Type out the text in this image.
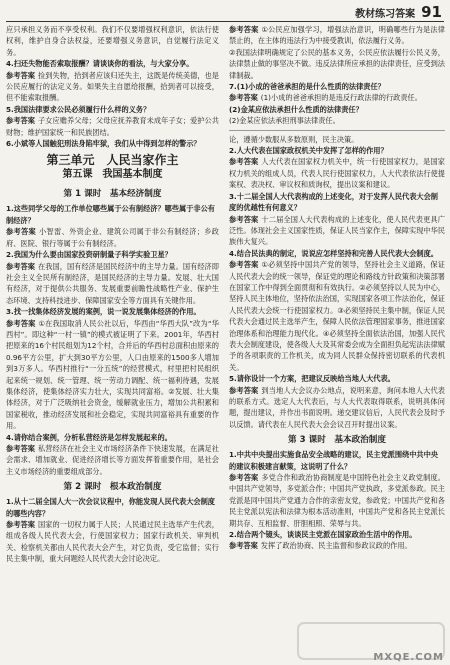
教材练习答案 91

应只承担义务而不享受权利。我们不仅要增强权利意识，依法行使权利，维护自身合法权益，还要增强义务意识，自觉履行法定义务。

4.扫还失物能否索取报酬？请谈谈你的看法，与大家分享。

参考答案 捡到失物，拾到者应该归还失主，这既是传统美德，也是公民应履行的法定义务。如果失主自愿给报酬，拾到者可以接受，但不能索取报酬。

5.我国法律要求公民必须履行什么样的义务？

参考答案 子女应赡养父母；父母应抚养教育未成年子女；爱护公共财物；维护国家统一和民族团结。

6.小斌等人国触犯刑法身陷牢狱，我们从中得到怎样的警示？

第三单元　人民当家作主
第五课　我国基本制度
第 1 课时　基本经济制度

1.这些同学父母的工作单位哪些属于公有制经济？哪些属于非公有制经济？

参考答案 小智雷、外资企业、建筑公司属于非公有制经济；乡政府、医院、银行等属于公有制经济。

2.我国为什么要由国家投资研制量子科学实验卫星？

参考答案 在我国，国有经济是国民经济中的主导力量。国有经济即社会主义全民所有制经济，是国民经济的主导力量。发展、壮大国有经济，对于提供公共服务、发展重要前瞻性战略性产业、保护生态环境、支持科技进步、保障国家安全等方面具有关键作用。

3.找一找集体经济发展的案例，说一说发展集体经济的作用。

参考答案 ①在我国取消人民公社以后，华西由“华西大队”改为“华西村”。即这种“一村一镇”的模式被证明了下来。2001年，华西村把原来的16个村民组划为12个村，合并后的华西村总面积由原来的0.96平方公里，扩大到30平方公里，人口由原来的1500多人增加到3万多人。华西村推行“一分五统”的经营模式，村里把村民组织起来统一规划、统一管理、统一劳动力调配、统一福利待遇，发展集体经济，使集体经济实力壮大，实现共同富裕。②发展、壮大集体经济，对于广泛吸纳社会资金，缓解就业压力，增加公共积累和国家税收，推动经济发展和社会稳定，实现共同富裕具有重要的作用。

4.请你结合案例，分析私营经济是怎样发展起来的。

参考答案 私营经济在社会主义市场经济条件下快速发展，在满足社会需求、增加就业、促进经济增长等方面发挥着重要作用，是社会主义市场经济的重要组成部分。

第 2 课时　根本政治制度

1.从十二届全国人大一次会议议程中，你能发现人民代表大会制度的哪些内容？

参考答案 国家的一切权力属于人民；人民通过民主选举产生代表，组成各级人民代表大会，行使国家权力；国家行政机关、审判机关、检察机关都由人民代表大会产生，对它负责，受它监督；实行民主集中制，重大问题经人民代表大会讨论决定。

参考答案 ①公民应加强学习，增强法治意识，明确哪些行为是法律禁止的，在主体的违法行为中接受教训，依法履行义务。

②我国法律明确规定了公民的基本义务，公民应依法履行公民义务，法律禁止做的事坚决不做。违反法律所应承担的法律责任，应受到法律制裁。

7.(1)小成的爸爸承担的是什么性质的法律责任？

参考答案 (1)小成的爸爸承担的是违反行政法律的行政责任。

(2)金某应依法承担什么性质的法律责任？

(2)金某应依法承担刑事法律责任。

论，遵循少数服从多数原则，民主决策。

2.人大代表在国家政权机关中发挥了怎样的作用？

参考答案 人大代表在国家权力机关中，统一行使国家权力，是国家权力机关的组成人员，代表人民行使国家权力，人大代表依法行使提案权、表决权、审议权和质询权，提出议案和建议。

3.十二届全国人大代表构成的上述变化，对于发挥人民代表大会制度的优越性有何意义？

参考答案 十二届全国人大代表构成的上述变化，使人民代表更具广泛性。体现社会主义国家性质，保证人民当家作主，保障实现中华民族伟大复兴。

4.结合民法典的制定，说说应怎样坚持和完善人民代表大会制度。

参考答案 ①必须坚持中国共产党的领导，坚持社会主义道路，保证人民代表大会的统一领导，保证党的理论和路线方针政策和决策部署在国家工作中得到全面贯彻和有效执行。②必须坚持以人民为中心，坚持人民主体地位，坚持依法治国，实现国家各项工作法治化，保证人民代表大会统一行使国家权力。③必须坚持民主集中制，保证人民代表大会通过民主选举产生，保障人民依法管理国家事务，推进国家治理体系和治理能力现代化。④必须坚持全面依法治国，加强人民代表大会制度建设，使各级人大及其常委会成为全面担负起宪法法律赋予的各项职责的工作机关，成为同人民群众保持密切联系的代表机关。

5.请你设计一个方案，把建议反映给当地人大代表。

参考答案 到当地人大会议办公地点，说明来意，询问本地人大代表的联系方式。选定人大代表后，与人大代表取得联系，说明具体问题，提出建议，并作出书面说明。递交建议信后，人民代表会及时予以反馈。请代表在人民代表大会会议召开时提出议案。

第 3 课时　基本政治制度

1.中共中央提出实施食品安全战略的建议，民主党派围绕中共中央的建议积极建言献策，这说明了什么？

参考答案 多党合作和政治协商制度是中国特色社会主义政党制度。中国共产党领导，多党派合作；中国共产党执政，多党派参政。民主党派是同中国共产党通力合作的亲密友党，参政党；中国共产党和各民主党派以宪法和法律为根本活动准则，中国共产党和各民主党派长期共存、互相监督、肝胆相照、荣辱与共。

2.结合两个镜头，谈谈民主党派在国家政治生活中的作用。

参考答案 发挥了政治协商、民主监督和参政议政的作用。

MXQE.COM
